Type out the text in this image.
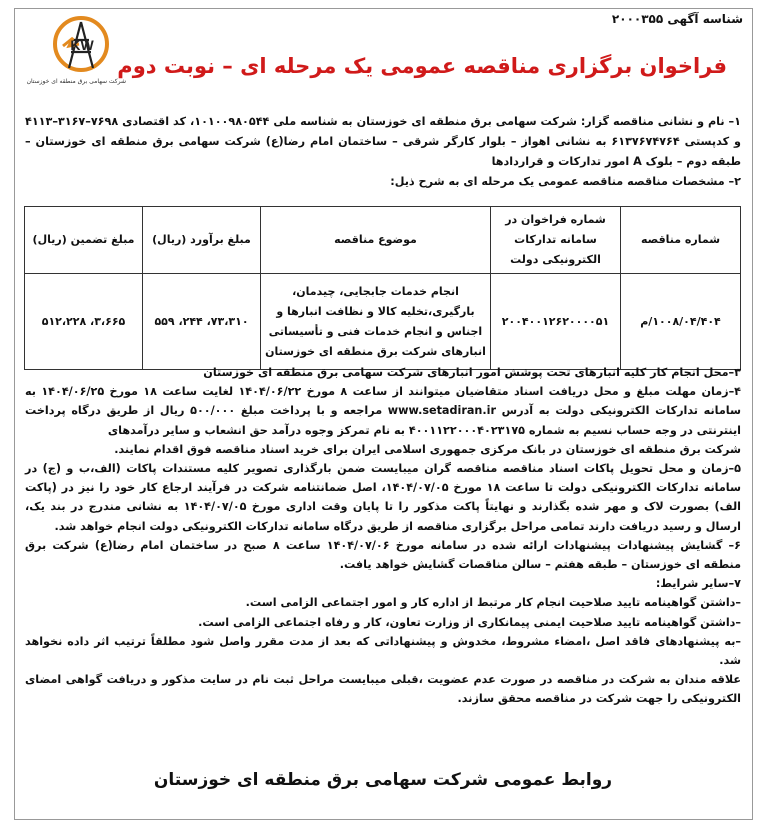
شناسه آگهی ۲۰۰۰۳۵۵
KW
شرکت سهامی برق منطقه ای خوزستان
فراخوان برگزاری مناقصه عمومی یک مرحله ای – نوبت دوم

۱– نام و نشانی مناقصه گزار: شرکت سهامی برق منطقه ای خوزستان به شناسه ملی ۱۰۱۰۰۹۸۰۵۴۴، کد اقتصادی ۷۶۹۸–۳۱۶۷–۴۱۱۳ و کدپستی ۶۱۳۷۶۷۴۷۶۴ به نشانی اهواز – بلوار کارگر شرقی – ساختمان امام رضا(ع) شرکت سهامی برق منطقه ای خوزستان – طبقه دوم – بلوک A امور تدارکات و قراردادها

۲– مشخصات مناقصه مناقصه عمومی یک مرحله ای به شرح ذیل:

شماره مناقصه	شماره فراخوان در سامانه تدارکات الکترونیکی دولت	موضوع مناقصه	مبلغ برآورد (ریال)	مبلغ تضمین (ریال)
۱۰۰۸/۰۴/۴۰۴/م	۲۰۰۴۰۰۱۲۶۲۰۰۰۰۵۱	انجام خدمات جابجایی، چیدمان، بارگیری،تخلیه کالا و نظافت انبارها و اجناس و انجام خدمات فنی و تأسیساتی انبارهای شرکت برق منطقه ای خوزستان	۷۳،۳۱۰، ۲۴۴، ۵۵۹	۳،۶۶۵، ۵۱۲،۲۲۸

۳–محل انجام کار کلیه انبارهای تحت پوشش امور انبارهای شرکت سهامی برق منطقه ای خوزستان

۴–زمان مهلت مبلغ و محل دریافت اسناد متقاضیان میتوانند از ساعت ۸ مورخ ۱۴۰۴/۰۶/۲۲ لغایت ساعت ۱۸ مورخ ۱۴۰۴/۰۶/۲۵ به سامانه تدارکات الکترونیکی دولت به آدرس www.setadiran.ir مراجعه و با پرداخت مبلغ ۵۰۰/۰۰۰ ریال از طریق درگاه پرداخت اینترنتی در وجه حساب نسیم به شماره ۴۰۰۱۱۲۲۰۰۰۴۰۲۳۱۷۵ به نام تمرکز وجوه درآمد حق انشعاب و سایر درآمدهای

شرکت برق منطقه ای خوزستان در بانک مرکزی جمهوری اسلامی ایران برای خرید اسناد مناقصه فوق اقدام نمایند.

۵–زمان و محل تحویل پاکات اسناد مناقصه مناقصه گران میبایست ضمن بارگذاری تصویر کلیه مستندات پاکات (الف،ب و (ج) در سامانه تدارکات الکترونیکی دولت تا ساعت ۱۸ مورخ ۱۴۰۴/۰۷/۰۵، اصل ضمانتنامه شرکت در فرآیند ارجاع کار خود را نیز در (پاکت الف) بصورت لاک و مهر شده بگذارند و نهایتاً پاکت مذکور را تا پایان وقت اداری مورخ ۱۴۰۴/۰۷/۰۵ به نشانی مندرج در بند یک، ارسال و رسید دریافت دارند تمامی مراحل برگزاری مناقصه از طریق درگاه سامانه تدارکات الکترونیکی دولت انجام خواهد شد.

۶– گشایش پیشنهادات پیشنهادات ارائه شده در سامانه مورخ ۱۴۰۴/۰۷/۰۶ ساعت ۸ صبح در ساختمان امام رضا(ع) شرکت برق منطقه ای خوزستان – طبقه هفتم – سالن مناقصات گشایش خواهد یافت.

۷–سایر شرایط:

–داشتن گواهینامه تایید صلاحیت انجام کار مرتبط از اداره کار و امور اجتماعی الزامی است.

–داشتن گواهینامه تایید صلاحیت ایمنی پیمانکاری از وزارت تعاون، کار و رفاه اجتماعی الزامی است.

–به پیشنهادهای فاقد اصل ،امضاء مشروط، مخدوش و پیشنهاداتی که بعد از مدت مقرر واصل شود مطلقاً ترتیب اثر داده نخواهد شد.

علاقه مندان به شرکت در مناقصه در صورت عدم عضویت ،قبلی میبایست مراحل ثبت نام در سایت مذکور و دریافت گواهی امضای الکترونیکی را جهت شرکت در مناقصه محقق سازند.

روابط عمومی شرکت سهامی برق منطقه ای خوزستان
